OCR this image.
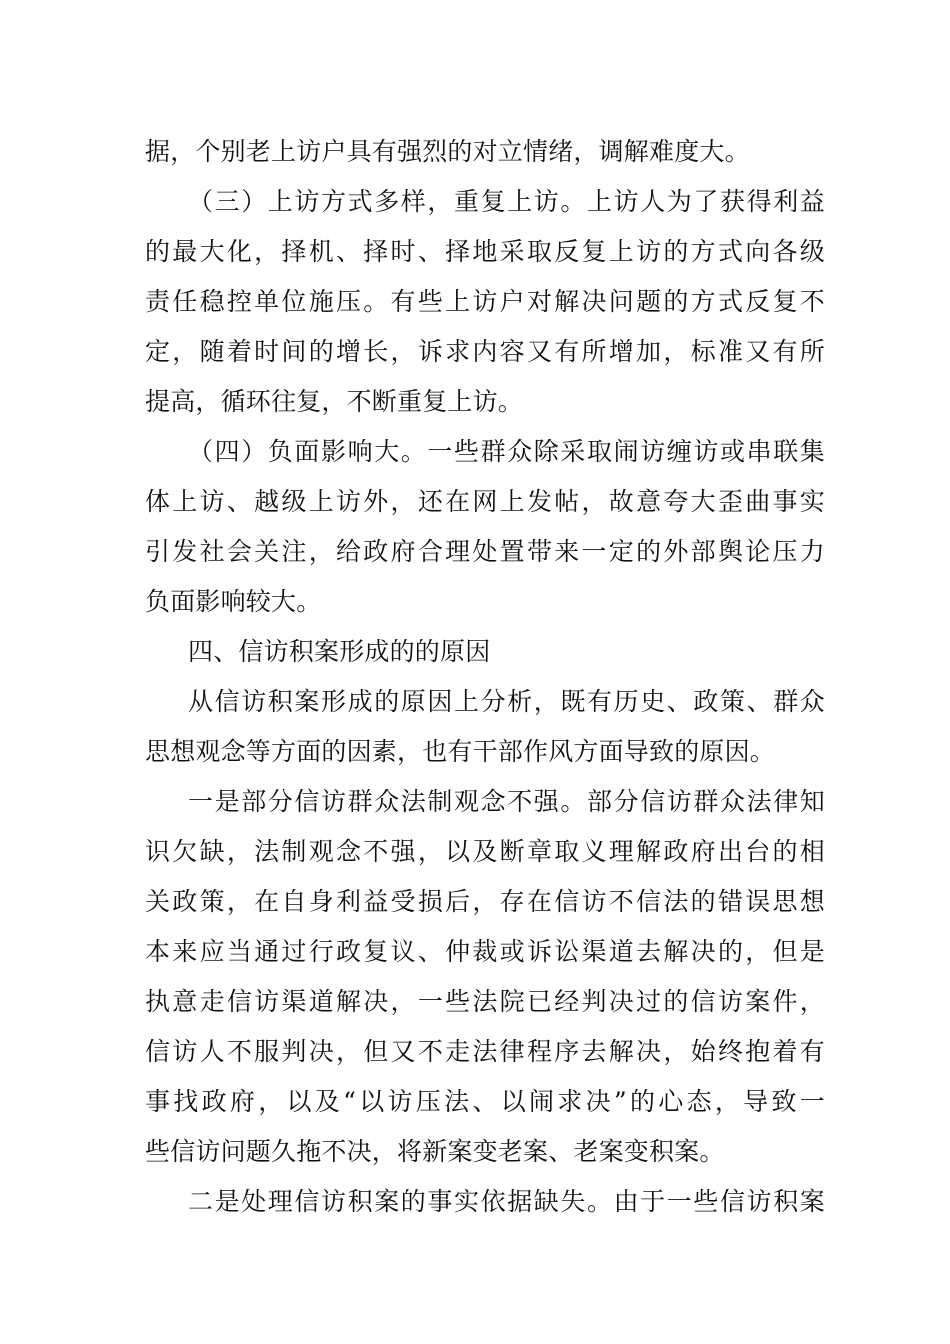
据，个别老上访户具有强烈的对立情绪，调解难度大。
（三）上访方式多样，重复上访。上访人为了获得利益
的最大化，择机、择时、择地采取反复上访的方式向各级
责任稳控单位施压。有些上访户对解决问题的方式反复不
定，随着时间的增长，诉求内容又有所增加，标准又有所
提高，循环往复，不断重复上访。
（四）负面影响大。一些群众除采取闹访缠访或串联集
体上访、越级上访外，还在网上发帖，故意夸大歪曲事实
引发社会关注，给政府合理处置带来一定的外部舆论压力
负面影响较大。
四、信访积案形成的的原因
从信访积案形成的原因上分析，既有历史、政策、群众
思想观念等方面的因素，也有干部作风方面导致的原因。
一是部分信访群众法制观念不强。部分信访群众法律知
识欠缺，法制观念不强，以及断章取义理解政府出台的相
关政策，在自身利益受损后，存在信访不信法的错误思想
本来应当通过行政复议、仲裁或诉讼渠道去解决的，但是
执意走信访渠道解决，一些法院已经判决过的信访案件，
信访人不服判决，但又不走法律程序去解决，始终抱着有
事找政府，以及“以访压法、以闹求决”的心态，导致一
些信访问题久拖不决，将新案变老案、老案变积案。
二是处理信访积案的事实依据缺失。由于一些信访积案
